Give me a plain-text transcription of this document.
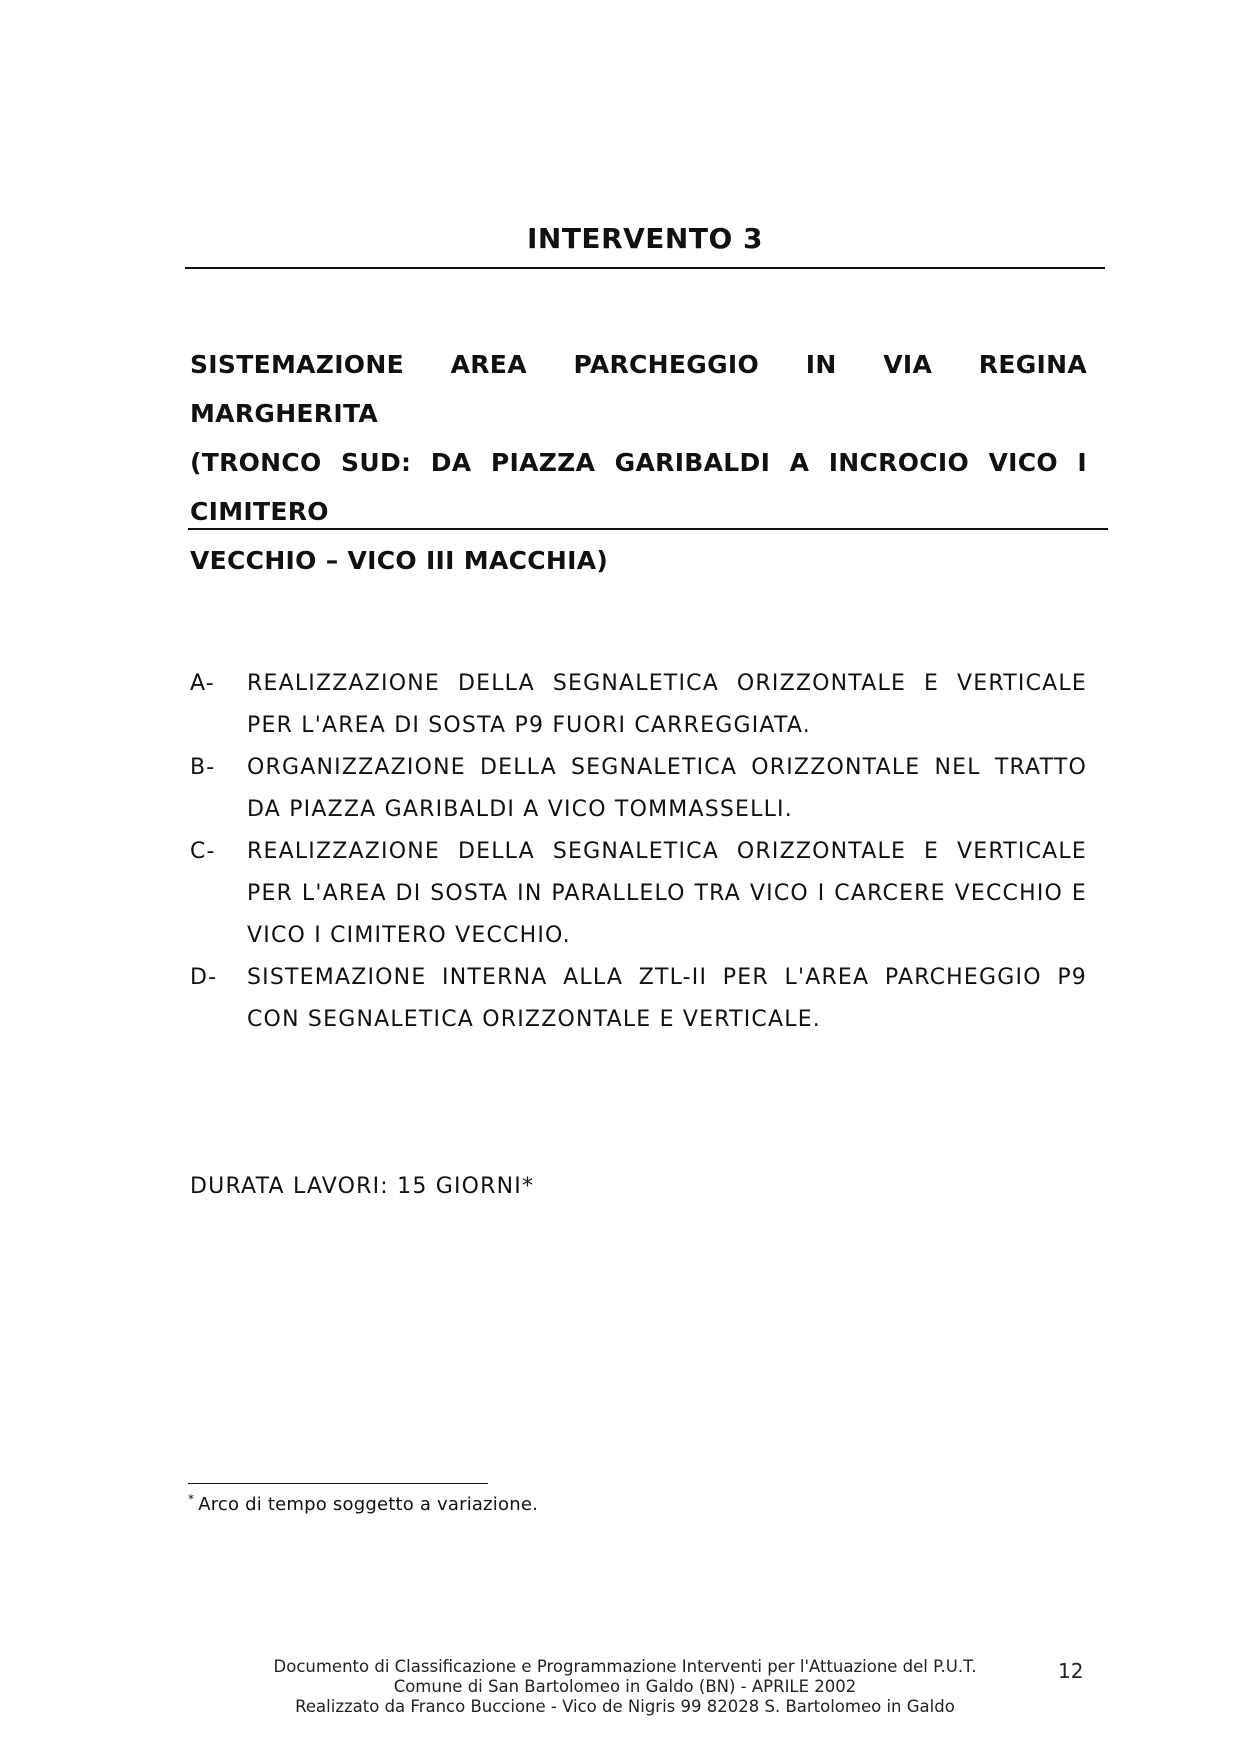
INTERVENTO 3
SISTEMAZIONE AREA PARCHEGGIO IN VIA REGINA MARGHERITA
(TRONCO SUD: DA PIAZZA GARIBALDI A INCROCIO VICO I CIMITERO
VECCHIO – VICO III MACCHIA)
A- REALIZZAZIONE DELLA SEGNALETICA ORIZZONTALE E VERTICALE PER L'AREA DI SOSTA P9 FUORI CARREGGIATA.
B- ORGANIZZAZIONE DELLA SEGNALETICA ORIZZONTALE NEL TRATTO DA PIAZZA GARIBALDI A VICO TOMMASSELLI.
C- REALIZZAZIONE DELLA SEGNALETICA ORIZZONTALE E VERTICALE PER L'AREA DI SOSTA IN PARALLELO TRA VICO I CARCERE VECCHIO E VICO I CIMITERO VECCHIO.
D- SISTEMAZIONE INTERNA ALLA ZTL-II PER L'AREA PARCHEGGIO P9 CON SEGNALETICA ORIZZONTALE E VERTICALE.
DURATA LAVORI: 15 GIORNI*
* Arco di tempo soggetto a variazione.
Documento di Classificazione e Programmazione Interventi per l'Attuazione del P.U.T.
Comune di San Bartolomeo in Galdo (BN) - APRILE 2002
Realizzato da Franco Buccione - Vico de Nigris 99 82028 S. Bartolomeo in Galdo
12
